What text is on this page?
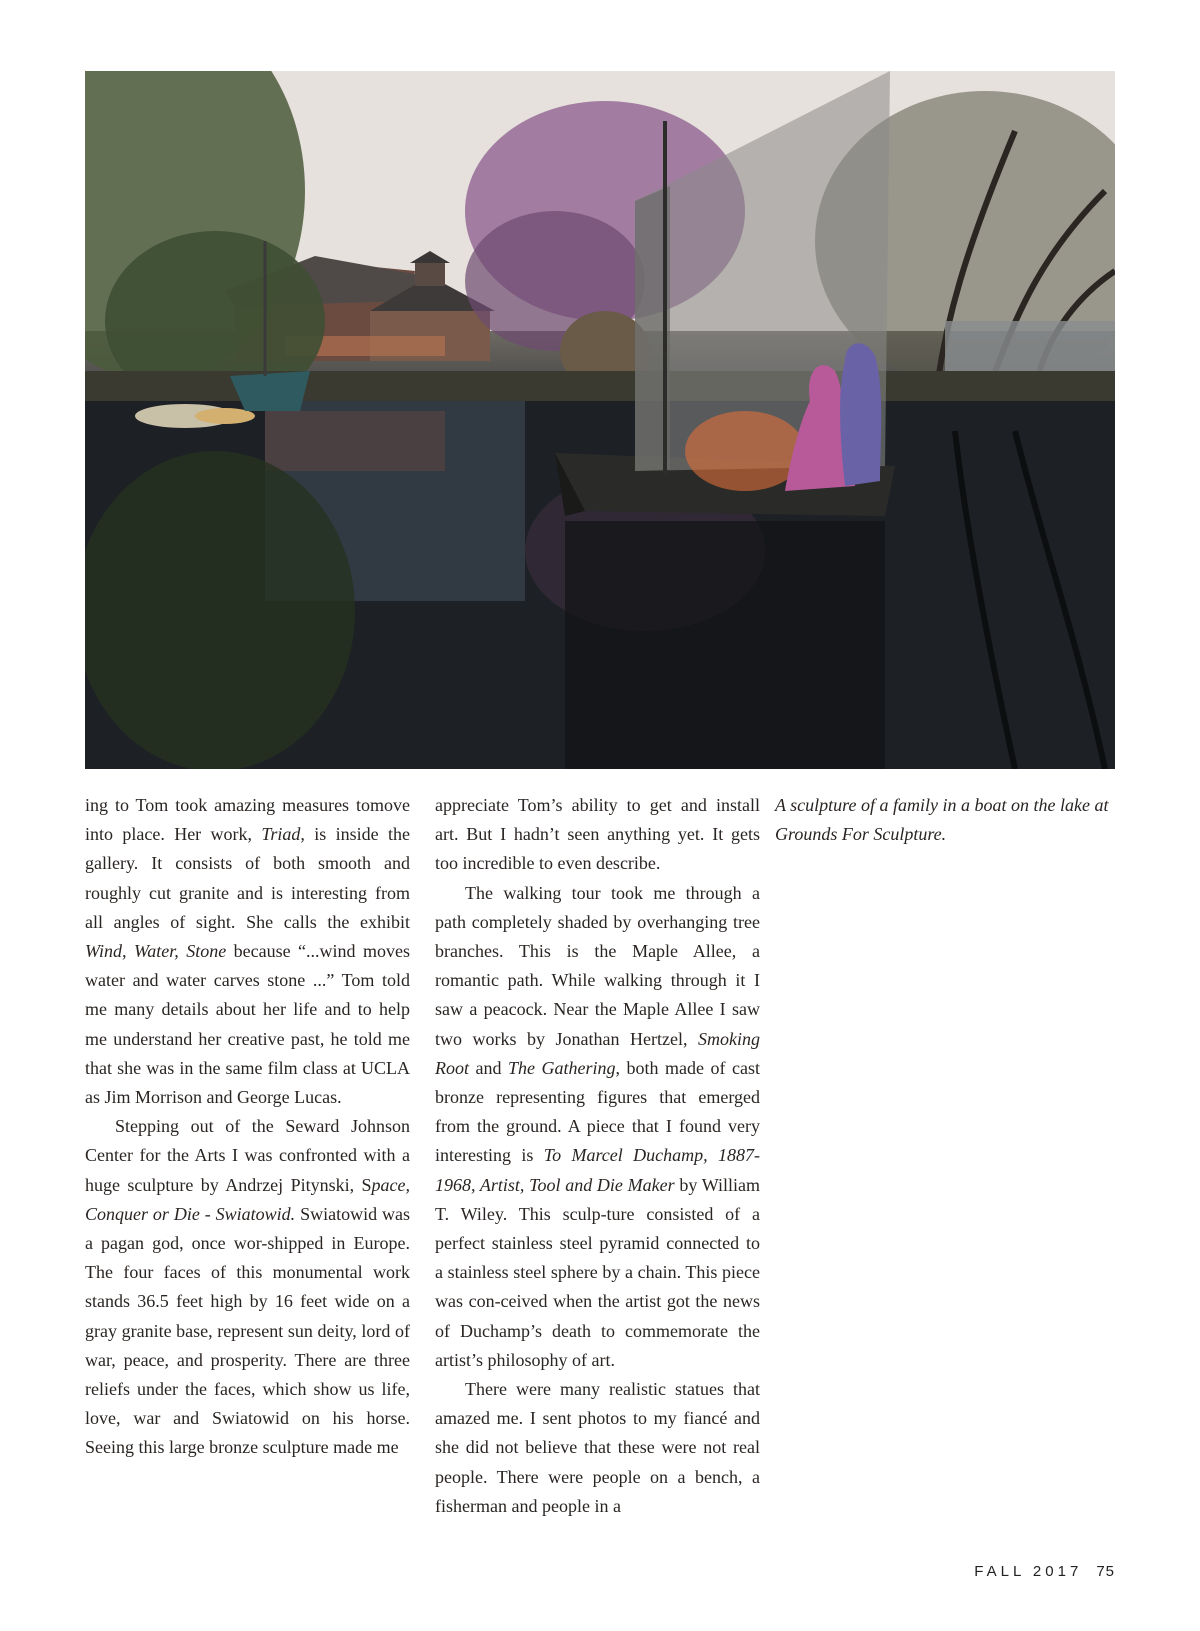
ing to Tom took amazing measures tomove into place. Her work, Triad, is inside the gallery. It consists of both smooth and roughly cut granite and is interesting from all angles of sight. She calls the exhibit Wind, Water, Stone because “...wind moves water and water carves stone ...” Tom told me many details about her life and to help me understand her creative past, he told me that she was in the same film class at UCLA as Jim Morrison and George Lucas.

Stepping out of the Seward Johnson Center for the Arts I was confronted with a huge sculpture by Andrzej Pitynski, Space, Conquer or Die - Swiatowid. Swiatowid was a pagan god, once wor-shipped in Europe. The four faces of this monumental work stands 36.5 feet high by 16 feet wide on a gray granite base, represent sun deity, lord of war, peace, and prosperity. There are three reliefs under the faces, which show us life, love, war and Swiatowid on his horse. Seeing this large bronze sculpture made me

appreciate Tom’s ability to get and install art. But I hadn’t seen anything yet. It gets too incredible to even describe.

The walking tour took me through a path completely shaded by overhanging tree branches. This is the Maple Allee, a romantic path. While walking through it I saw a peacock. Near the Maple Allee I saw two works by Jonathan Hertzel, Smoking Root and The Gathering, both made of cast bronze representing figures that emerged from the ground. A piece that I found very interesting is To Marcel Duchamp, 1887-1968, Artist, Tool and Die Maker by William T. Wiley. This sculp-ture consisted of a perfect stainless steel pyramid connected to a stainless steel sphere by a chain. This piece was con-ceived when the artist got the news of Duchamp’s death to commemorate the artist’s philosophy of art.

There were many realistic statues that amazed me. I sent photos to my fiancé and she did not believe that these were not real people. There were people on a bench, a fisherman and people in a

A sculpture of a family in a boat on the lake at Grounds For Sculpture.
FALL 2017 75
